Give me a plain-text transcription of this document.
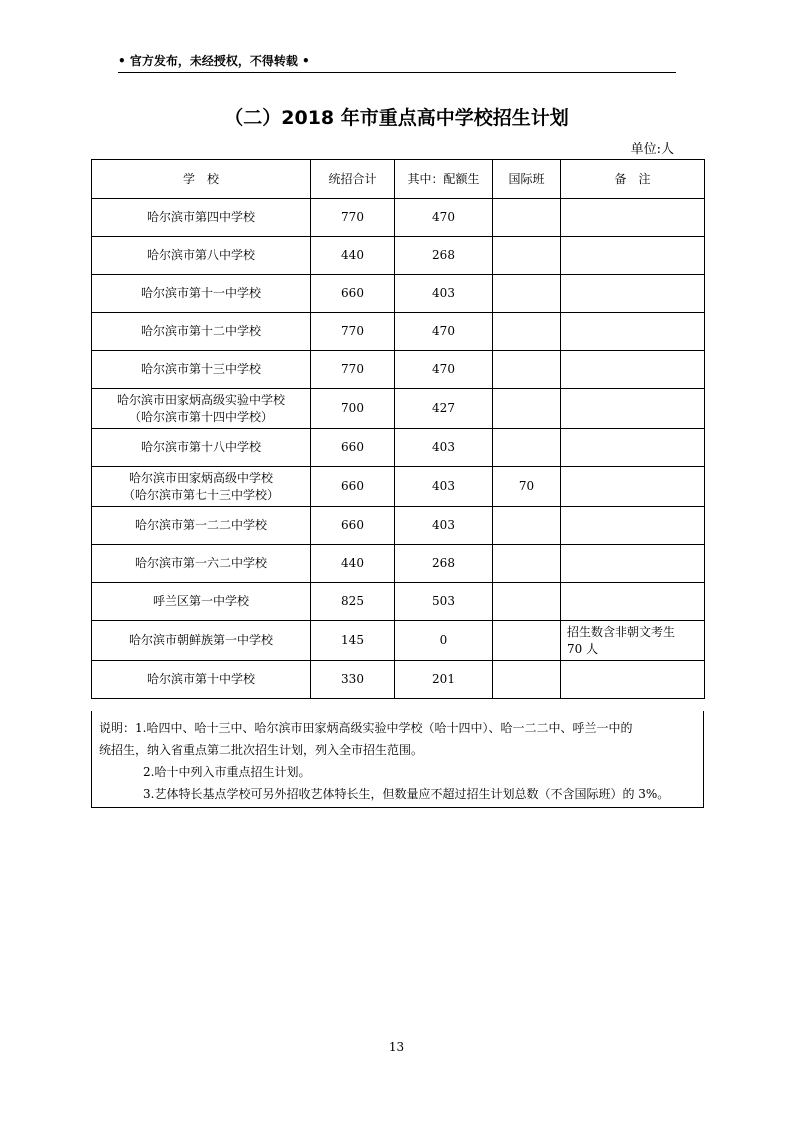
• 官方发布，未经授权，不得转载 •
（二）2018 年市重点高中学校招生计划
单位:人
学　校	统招合计	其中：配额生	国际班	备　注
哈尔滨市第四中学校	770	470		
哈尔滨市第八中学校	440	268		
哈尔滨市第十一中学校	660	403		
哈尔滨市第十二中学校	770	470		
哈尔滨市第十三中学校	770	470		

哈尔滨市田家炳高级实验中学校
（哈尔滨市第十四中学校）	700	427		
哈尔滨市第十八中学校	660	403		

哈尔滨市田家炳高级中学校
（哈尔滨市第七十三中学校）	660	403	70	
哈尔滨市第一二二中学校	660	403		
哈尔滨市第一六二中学校	440	268		
呼兰区第一中学校	825	503		
哈尔滨市朝鲜族第一中学校	145	0		招生数含非朝文考生
70 人

哈尔滨市第十中学校	330	201		
说明：1.哈四中、哈十三中、哈尔滨市田家炳高级实验中学校（哈十四中）、哈一二二中、呼兰一中的
统招生，纳入省重点第二批次招生计划，列入全市招生范围。
2.哈十中列入市重点招生计划。
3.艺体特长基点学校可另外招收艺体特长生，但数量应不超过招生计划总数（不含国际班）的 3%。
13
